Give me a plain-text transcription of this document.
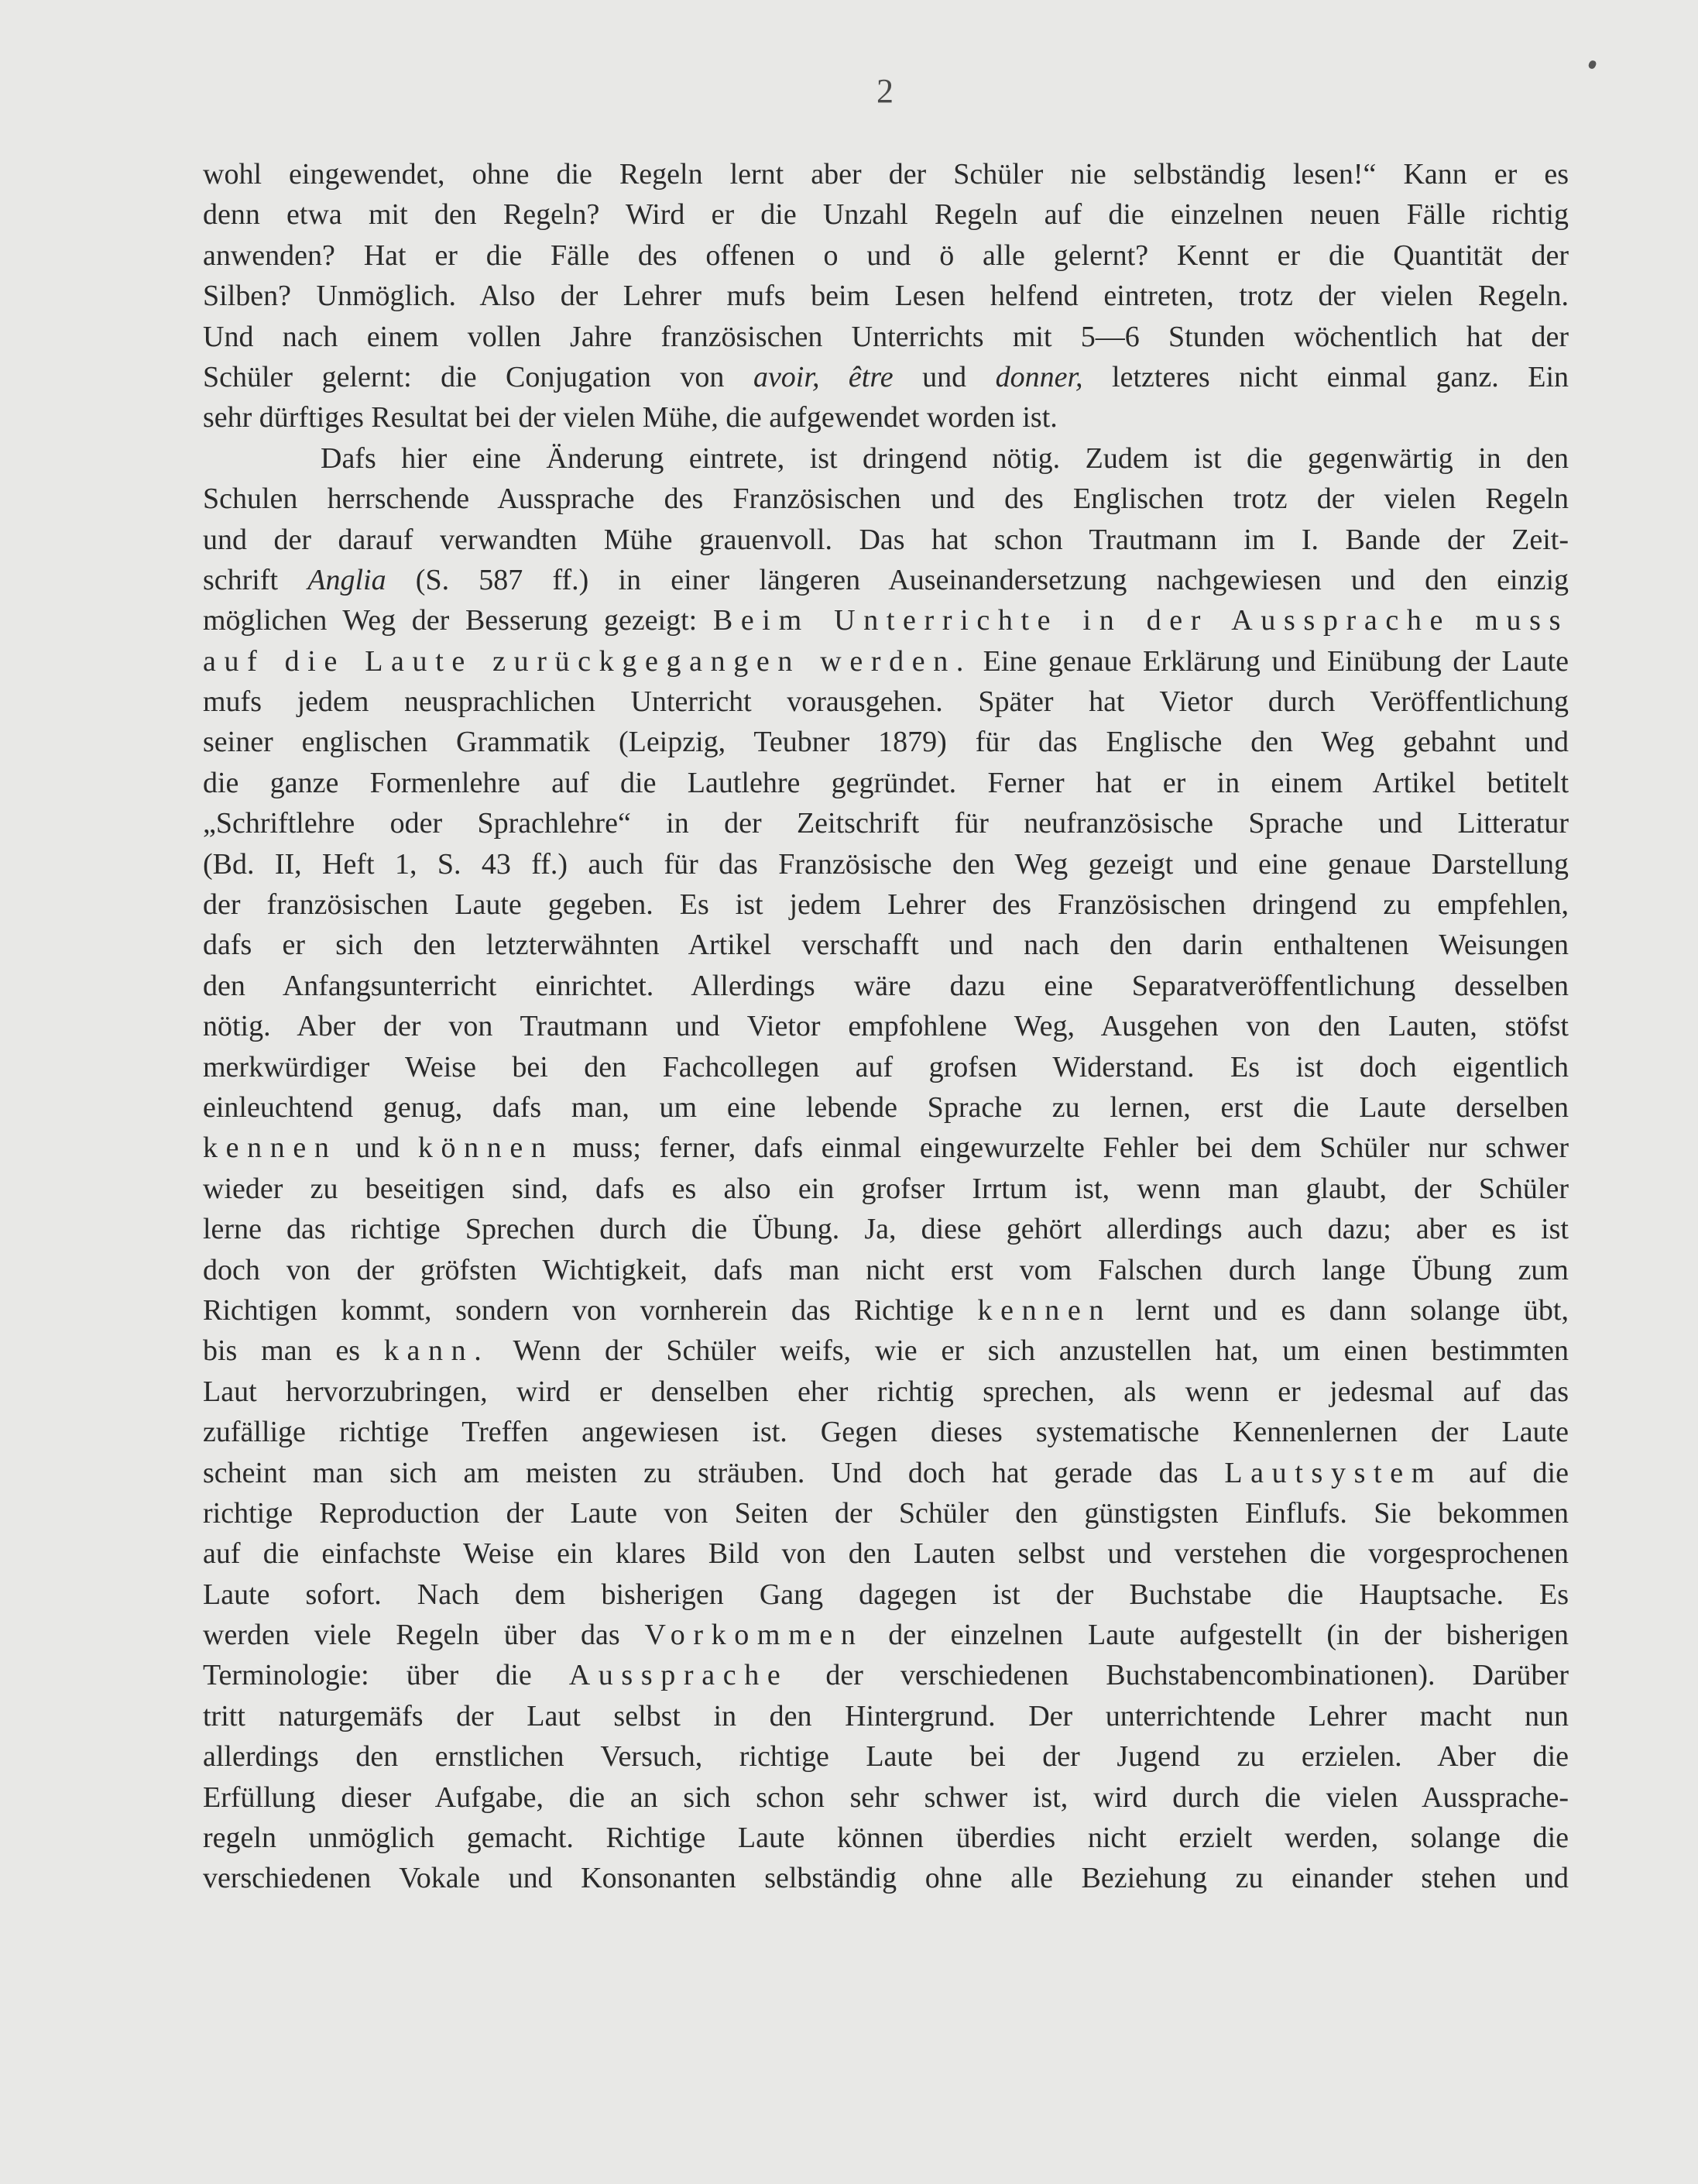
2
wohl eingewendet, ohne die Regeln lernt aber der Schüler nie selbständig lesen!“ Kann er es
denn etwa mit den Regeln? Wird er die Unzahl Regeln auf die einzelnen neuen Fälle richtig
anwenden? Hat er die Fälle des offenen o und ö alle gelernt? Kennt er die Quantität der
Silben? Unmöglich. Also der Lehrer mufs beim Lesen helfend eintreten, trotz der vielen Regeln.
Und nach einem vollen Jahre französischen Unterrichts mit 5—6 Stunden wöchentlich hat der
Schüler gelernt: die Conjugation von avoir, être und donner, letzteres nicht einmal ganz. Ein
sehr dürftiges Resultat bei der vielen Mühe, die aufgewendet worden ist.
Dafs hier eine Änderung eintrete, ist dringend nötig. Zudem ist die gegenwärtig in den
Schulen herrschende Aussprache des Französischen und des Englischen trotz der vielen Regeln
und der darauf verwandten Mühe grauenvoll. Das hat schon Trautmann im I. Bande der Zeit-
schrift Anglia (S. 587 ff.) in einer längeren Auseinandersetzung nachgewiesen und den einzig
möglichen Weg der Besserung gezeigt: Beim Unterrichte in der Aussprache muss
auf die Laute zurückgegangen werden. Eine genaue Erklärung und Einübung der Laute
mufs jedem neusprachlichen Unterricht vorausgehen. Später hat Vietor durch Veröffentlichung
seiner englischen Grammatik (Leipzig, Teubner 1879) für das Englische den Weg gebahnt und
die ganze Formenlehre auf die Lautlehre gegründet. Ferner hat er in einem Artikel betitelt
„Schriftlehre oder Sprachlehre“ in der Zeitschrift für neufranzösische Sprache und Litteratur
(Bd. II, Heft 1, S. 43 ff.) auch für das Französische den Weg gezeigt und eine genaue Darstellung
der französischen Laute gegeben. Es ist jedem Lehrer des Französischen dringend zu empfehlen,
dafs er sich den letzterwähnten Artikel verschafft und nach den darin enthaltenen Weisungen
den Anfangsunterricht einrichtet. Allerdings wäre dazu eine Separatveröffentlichung desselben
nötig. Aber der von Trautmann und Vietor empfohlene Weg, Ausgehen von den Lauten, stöfst
merkwürdiger Weise bei den Fachcollegen auf grofsen Widerstand. Es ist doch eigentlich
einleuchtend genug, dafs man, um eine lebende Sprache zu lernen, erst die Laute derselben
kennen und können muss; ferner, dafs einmal eingewurzelte Fehler bei dem Schüler nur schwer
wieder zu beseitigen sind, dafs es also ein grofser Irrtum ist, wenn man glaubt, der Schüler
lerne das richtige Sprechen durch die Übung. Ja, diese gehört allerdings auch dazu; aber es ist
doch von der gröfsten Wichtigkeit, dafs man nicht erst vom Falschen durch lange Übung zum
Richtigen kommt, sondern von vornherein das Richtige kennen lernt und es dann solange übt,
bis man es kann. Wenn der Schüler weifs, wie er sich anzustellen hat, um einen bestimmten
Laut hervorzubringen, wird er denselben eher richtig sprechen, als wenn er jedesmal auf das
zufällige richtige Treffen angewiesen ist. Gegen dieses systematische Kennenlernen der Laute
scheint man sich am meisten zu sträuben. Und doch hat gerade das Lautsystem auf die
richtige Reproduction der Laute von Seiten der Schüler den günstigsten Einflufs. Sie bekommen
auf die einfachste Weise ein klares Bild von den Lauten selbst und verstehen die vorgesprochenen
Laute sofort. Nach dem bisherigen Gang dagegen ist der Buchstabe die Hauptsache. Es
werden viele Regeln über das Vorkommen der einzelnen Laute aufgestellt (in der bisherigen
Terminologie: über die Aussprache der verschiedenen Buchstabencombinationen). Darüber
tritt naturgemäfs der Laut selbst in den Hintergrund. Der unterrichtende Lehrer macht nun
allerdings den ernstlichen Versuch, richtige Laute bei der Jugend zu erzielen. Aber die
Erfüllung dieser Aufgabe, die an sich schon sehr schwer ist, wird durch die vielen Aussprache-
regeln unmöglich gemacht. Richtige Laute können überdies nicht erzielt werden, solange die
verschiedenen Vokale und Konsonanten selbständig ohne alle Beziehung zu einander stehen und
